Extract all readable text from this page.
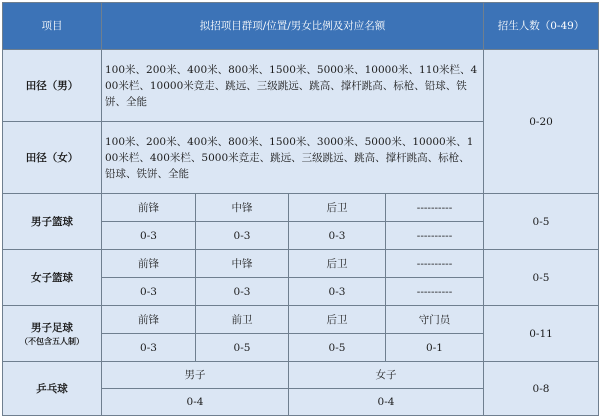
项目	拟招项目群项/位置/男女比例及对应名额				招生人数（0-49）
田径（男）	100米、200米、400米、800米、1500米、5000米、10000米、110米栏、400米栏、10000米竞走、跳远、三级跳远、跳高、撑杆跳高、标枪、铅球、铁饼、全能				0-20
田径（女）	100米、200米、400米、800米、1500米、3000米、5000米、10000米、100米栏、400米栏、5000米竞走、跳远、三级跳远、跳高、撑杆跳高、标枪、铅球、铁饼、全能				
男子篮球	前锋	中锋	后卫	----------	0-5
	0-3	0-3	0-3	----------	
女子篮球	前锋	中锋	后卫	----------	0-5
	0-3	0-3	0-3	----------	
男子足球
（不包含五人制）	前锋	前卫	后卫	守门员	0-11
	0-3	0-5	0-5	0-1	
乒乓球	男子		女子		0-8
	0-4		0-4		
